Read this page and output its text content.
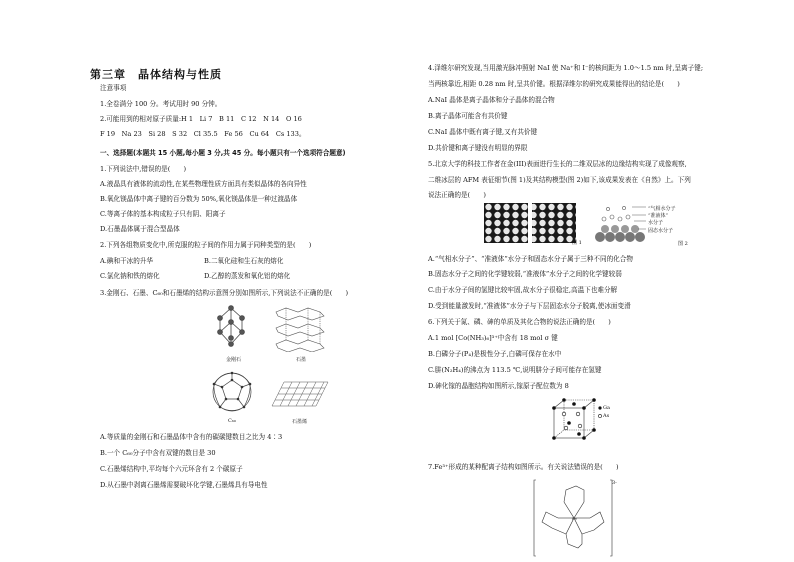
第三章　晶体结构与性质
注意事项
1.全卷满分 100 分。考试用时 90 分钟。
2.可能用到的相对原子质量:H 1　Li 7　B 11　C 12　N 14　O 16
F 19　Na 23　Si 28　S 32　Cl 35.5　Fe 56　Cu 64　Cs 133。
一、选择题(本题共 15 小题,每小题 3 分,共 45 分。每小题只有一个选项符合题意)
1.下列说法中,错误的是(　　)
A.液晶具有液体的流动性,在某些物理性质方面具有类似晶体的各向异性
B.氧化镁晶体中离子键的百分数为 50%,氧化镁晶体是一种过渡晶体
C.等离子体的基本构成粒子只有阴、阳离子
D.石墨晶体属于混合型晶体
2.下列各组物质变化中,所克服的粒子间的作用力属于同种类型的是(　　)
A.碘和干冰的升华	B.二氧化硅和生石灰的熔化
C.氯化钠和铁的熔化	D.乙醇的蒸发和氧化铝的熔化
3.金刚石、石墨、C₆₀和石墨烯的结构示意图分别如图所示,下列说法不正确的是(　　)
金刚石	石墨
C₆₀	石墨烯
A.等质量的金刚石和石墨晶体中含有的碳碳键数目之比为 4∶3
B.一个 C₆₀分子中含有双键的数目是 30
C.石墨烯结构中,平均每个六元环含有 2 个碳原子
D.从石墨中剥离石墨烯需要破坏化学键,石墨烯具有导电性
4.泽维尔研究发现,当用激光脉冲照射 NaI 使 Na⁺和 I⁻的核间距为 1.0～1.5 nm 时,呈离子键;
当两核靠近,相距 0.28 nm 时,呈共价键。根据泽维尔的研究成果能得出的结论是(　　)
A.NaI 晶体是离子晶体和分子晶体的混合物
B.离子晶体可能含有共价键
C.NaI 晶体中既有离子键,又有共价键
D.共价键和离子键没有明显的界限
5.北京大学的科技工作者在金(III)表面进行生长的二维双层冰的边缘结构实现了成像观察,
二维冰层的 AFM 表征细节(图 1)及其结构模型(图 2)如下,该成果发表在《自然》上。下列
说法正确的是(　　)
图 1
“气相水分子
“准液体”
水分子
固态水分子
图 2
A.“气相水分子”、“准液体”水分子和固态水分子属于三种不同的化合物
B.固态水分子之间的化学键较弱,“准液体”水分子之间的化学键较弱
C.由于水分子间的氢键比较牢固,故水分子很稳定,高温下也难分解
D.受到能量激发时,“准液体”水分子与下层固态水分子脱离,使冰面变滑
6.下列关于氮、磷、砷的单质及其化合物的说法正确的是(　　)
A.1 mol [Co(NH₃)₆]³⁺中含有 18 mol σ 键
B.白磷分子(P₄)是极性分子,白磷可保存在水中
C.肼(N₂H₄)的沸点为 113.5 ℃,说明肼分子间可能存在氢键
D.砷化镓的晶胞结构如图所示,镓原子配位数为 8
Ga
As
7.Fe³⁺形成的某种配离子结构如图所示。有关说法错误的是(　　)
Fe
3-
